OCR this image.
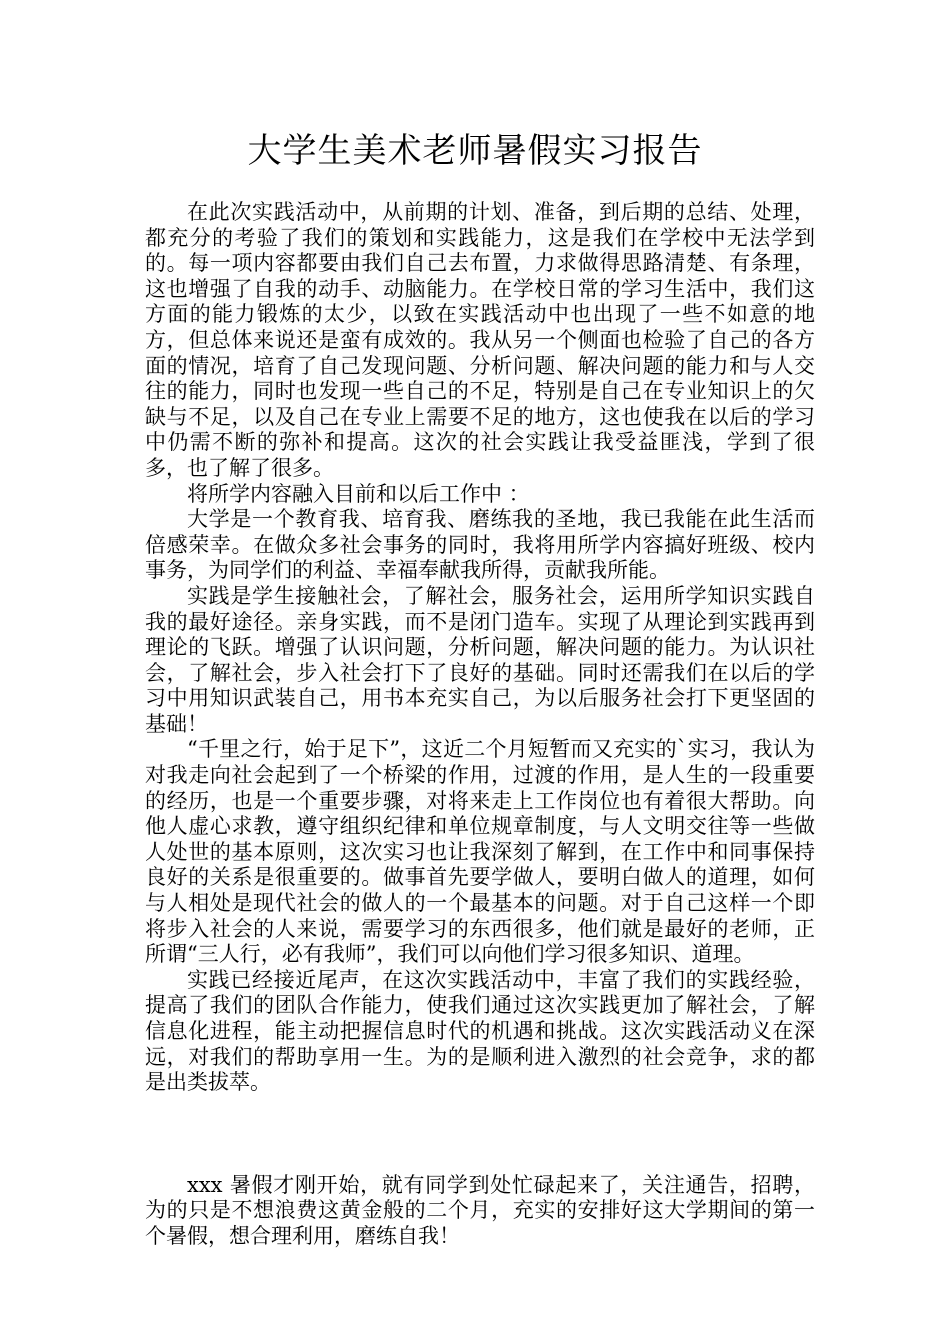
大学生美术老师暑假实习报告

在此次实践活动中，从前期的计划、准备，到后期的总结、处理，都充分的考验了我们的策划和实践能力，这是我们在学校中无法学到的。每一项内容都要由我们自己去布置，力求做得思路清楚、有条理，这也增强了自我的动手、动脑能力。在学校日常的学习生活中，我们这方面的能力锻炼的太少，以致在实践活动中也出现了一些不如意的地方，但总体来说还是蛮有成效的。我从另一个侧面也检验了自己的各方面的情况，培育了自己发现问题、分析问题、解决问题的能力和与人交往的能力，同时也发现一些自己的不足，特别是自己在专业知识上的欠缺与不足，以及自己在专业上需要不足的地方，这也使我在以后的学习中仍需不断的弥补和提高。这次的社会实践让我受益匪浅，学到了很多，也了解了很多。

将所学内容融入目前和以后工作中 ：

大学是一个教育我、培育我、磨练我的圣地，我已我能在此生活而倍感荣幸。在做众多社会事务的同时，我将用所学内容搞好班级、校内事务，为同学们的利益、幸福奉献我所得，贡献我所能。

实践是学生接触社会，了解社会，服务社会，运用所学知识实践自我的最好途径。亲身实践，而不是闭门造车。实现了从理论到实践再到理论的飞跃。增强了认识问题，分析问题，解决问题的能力。为认识社会，了解社会，步入社会打下了良好的基础。同时还需我们在以后的学习中用知识武装自己，用书本充实自己，为以后服务社会打下更坚固的基础！

“千里之行，始于足下”，这近二个月短暂而又充实的`实习，我认为对我走向社会起到了一个桥梁的作用，过渡的作用，是人生的一段重要的经历，也是一个重要步骤，对将来走上工作岗位也有着很大帮助。向他人虚心求教，遵守组织纪律和单位规章制度，与人文明交往等一些做人处世的基本原则，这次实习也让我深刻了解到，在工作中和同事保持良好的关系是很重要的。做事首先要学做人，要明白做人的道理，如何与人相处是现代社会的做人的一个最基本的问题。对于自己这样一个即将步入社会的人来说，需要学习的东西很多，他们就是最好的老师，正所谓“三人行，必有我师”，我们可以向他们学习很多知识、道理。

实践已经接近尾声，在这次实践活动中，丰富了我们的实践经验，提高了我们的团队合作能力，使我们通过这次实践更加了解社会，了解信息化进程，能主动把握信息时代的机遇和挑战。这次实践活动义在深远，对我们的帮助享用一生。为的是顺利进入激烈的社会竞争，求的都是出类拔萃。

xxx 暑假才刚开始，就有同学到处忙碌起来了，关注通告，招聘，为的只是不想浪费这黄金般的二个月，充实的安排好这大学期间的第一个暑假，想合理利用，磨练自我！
